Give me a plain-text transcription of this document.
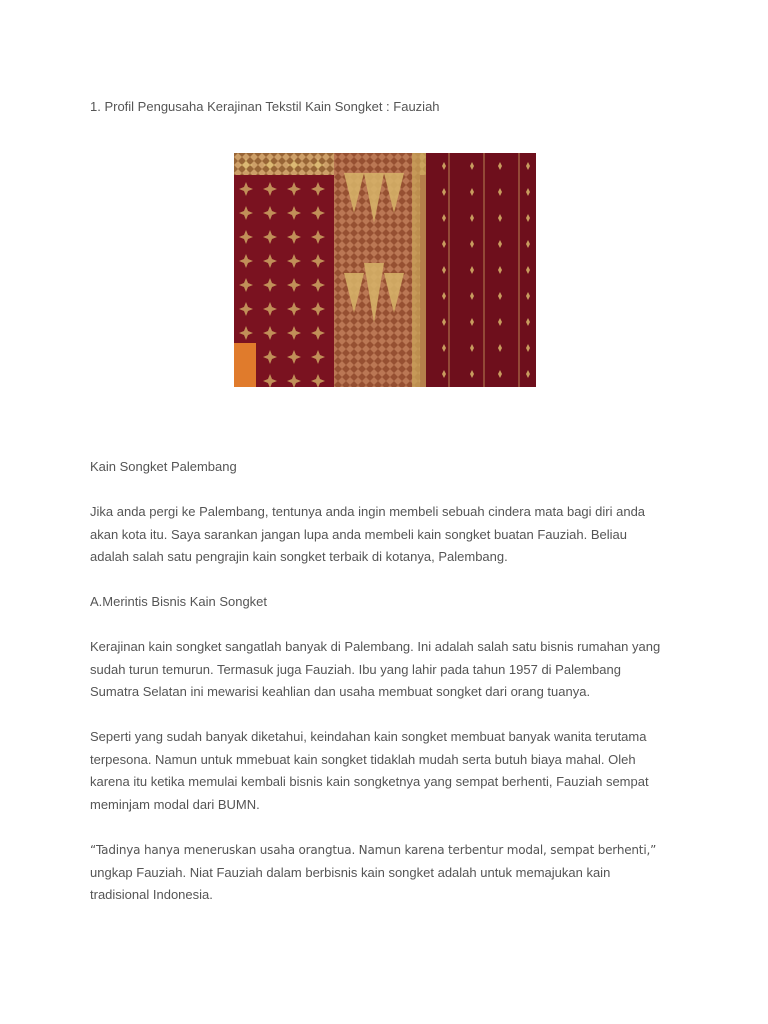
1. Profil Pengusaha Kerajinan Tekstil Kain Songket : Fauziah
Kain Songket Palembang
Jika anda pergi ke Palembang, tentunya anda ingin membeli sebuah cindera mata bagi diri anda
akan kota itu. Saya sarankan jangan lupa anda membeli kain songket buatan Fauziah. Beliau
adalah salah satu pengrajin kain songket terbaik di kotanya, Palembang.
A.Merintis Bisnis Kain Songket
Kerajinan kain songket sangatlah banyak di Palembang. Ini adalah salah satu bisnis rumahan yang
sudah turun temurun. Termasuk juga Fauziah. Ibu yang lahir pada tahun 1957 di Palembang
Sumatra Selatan ini mewarisi keahlian dan usaha membuat songket dari orang tuanya.
Seperti yang sudah banyak diketahui, keindahan kain songket membuat banyak wanita terutama
terpesona. Namun untuk mmebuat kain songket tidaklah mudah serta butuh biaya mahal. Oleh
karena itu ketika memulai kembali bisnis kain songketnya yang sempat berhenti, Fauziah sempat
meminjam modal dari BUMN.
“Tadinya hanya meneruskan usaha orangtua. Namun karena terbentur modal, sempat berhenti,”
ungkap Fauziah. Niat Fauziah dalam berbisnis kain songket adalah untuk memajukan kain
tradisional Indonesia.
